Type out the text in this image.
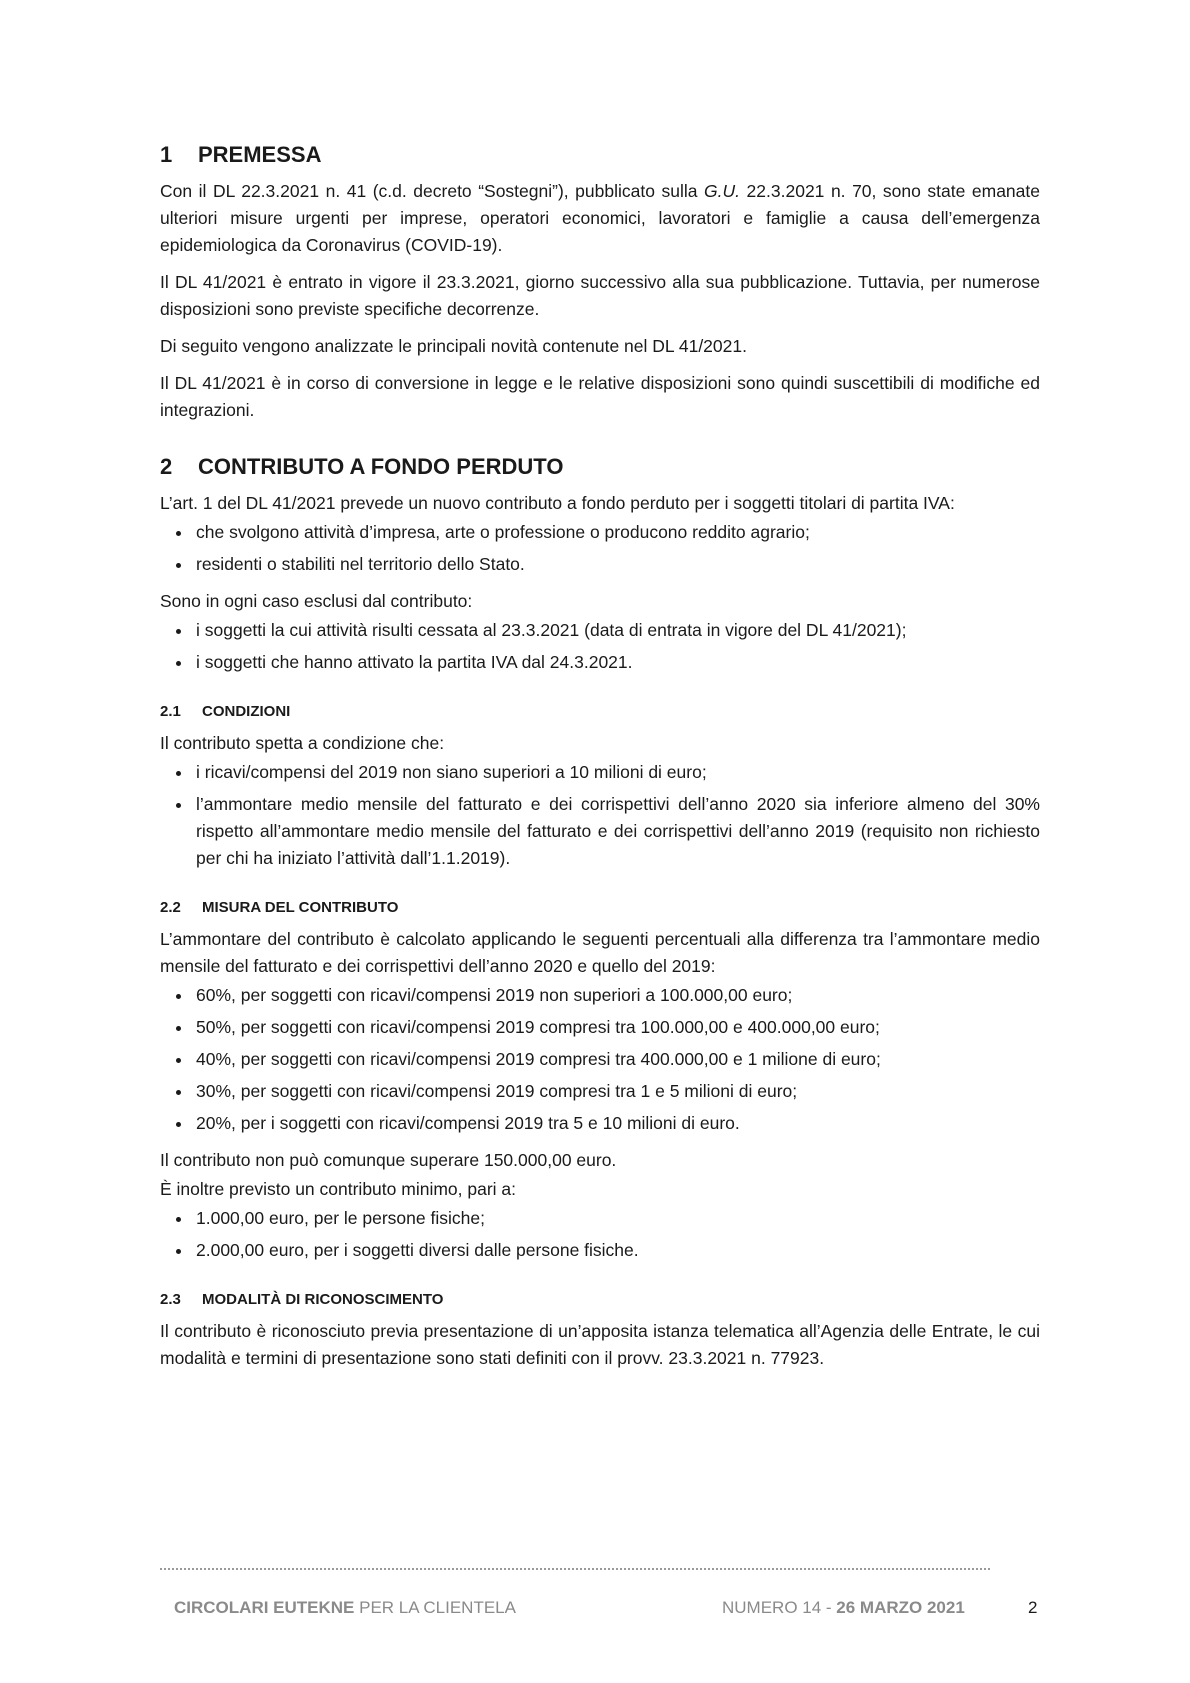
1	PREMESSA

Con il DL 22.3.2021 n. 41 (c.d. decreto “Sostegni”), pubblicato sulla G.U. 22.3.2021 n. 70, sono state emanate ulteriori misure urgenti per imprese, operatori economici, lavoratori e famiglie a causa dell’emergenza epidemiologica da Coronavirus (COVID-19).

Il DL 41/2021 è entrato in vigore il 23.3.2021, giorno successivo alla sua pubblicazione. Tuttavia, per numerose disposizioni sono previste specifiche decorrenze.

Di seguito vengono analizzate le principali novità contenute nel DL 41/2021.

Il DL 41/2021 è in corso di conversione in legge e le relative disposizioni sono quindi suscettibili di modifiche ed integrazioni.

2	CONTRIBUTO A FONDO PERDUTO

L’art. 1 del DL 41/2021 prevede un nuovo contributo a fondo perduto per i soggetti titolari di partita IVA:

che svolgono attività d’impresa, arte o professione o producono reddito agrario;
residenti o stabiliti nel territorio dello Stato.

Sono in ogni caso esclusi dal contributo:

i soggetti la cui attività risulti cessata al 23.3.2021 (data di entrata in vigore del DL 41/2021);
i soggetti che hanno attivato la partita IVA dal 24.3.2021.
2.1	CONDIZIONI

Il contributo spetta a condizione che:

i ricavi/compensi del 2019 non siano superiori a 10 milioni di euro;
l’ammontare medio mensile del fatturato e dei corrispettivi dell’anno 2020 sia inferiore almeno del 30% rispetto all’ammontare medio mensile del fatturato e dei corrispettivi dell’anno 2019 (requisito non richiesto per chi ha iniziato l’attività dall’1.1.2019).
2.2	MISURA DEL CONTRIBUTO

L’ammontare del contributo è calcolato applicando le seguenti percentuali alla differenza tra l’ammontare medio mensile del fatturato e dei corrispettivi dell’anno 2020 e quello del 2019:

60%, per soggetti con ricavi/compensi 2019 non superiori a 100.000,00 euro;
50%, per soggetti con ricavi/compensi 2019 compresi tra 100.000,00 e 400.000,00 euro;
40%, per soggetti con ricavi/compensi 2019 compresi tra 400.000,00 e 1 milione di euro;
30%, per soggetti con ricavi/compensi 2019 compresi tra 1 e 5 milioni di euro;
20%, per i soggetti con ricavi/compensi 2019 tra 5 e 10 milioni di euro.

Il contributo non può comunque superare 150.000,00 euro.

È inoltre previsto un contributo minimo, pari a:

1.000,00 euro, per le persone fisiche;
2.000,00 euro, per i soggetti diversi dalle persone fisiche.
2.3	MODALITÀ DI RICONOSCIMENTO

Il contributo è riconosciuto previa presentazione di un’apposita istanza telematica all’Agenzia delle Entrate, le cui modalità e termini di presentazione sono stati definiti con il provv. 23.3.2021 n. 77923.

CIRCOLARI EUTEKNE PER LA CLIENTELA	NUMERO 14 - 26 MARZO 2021	2
